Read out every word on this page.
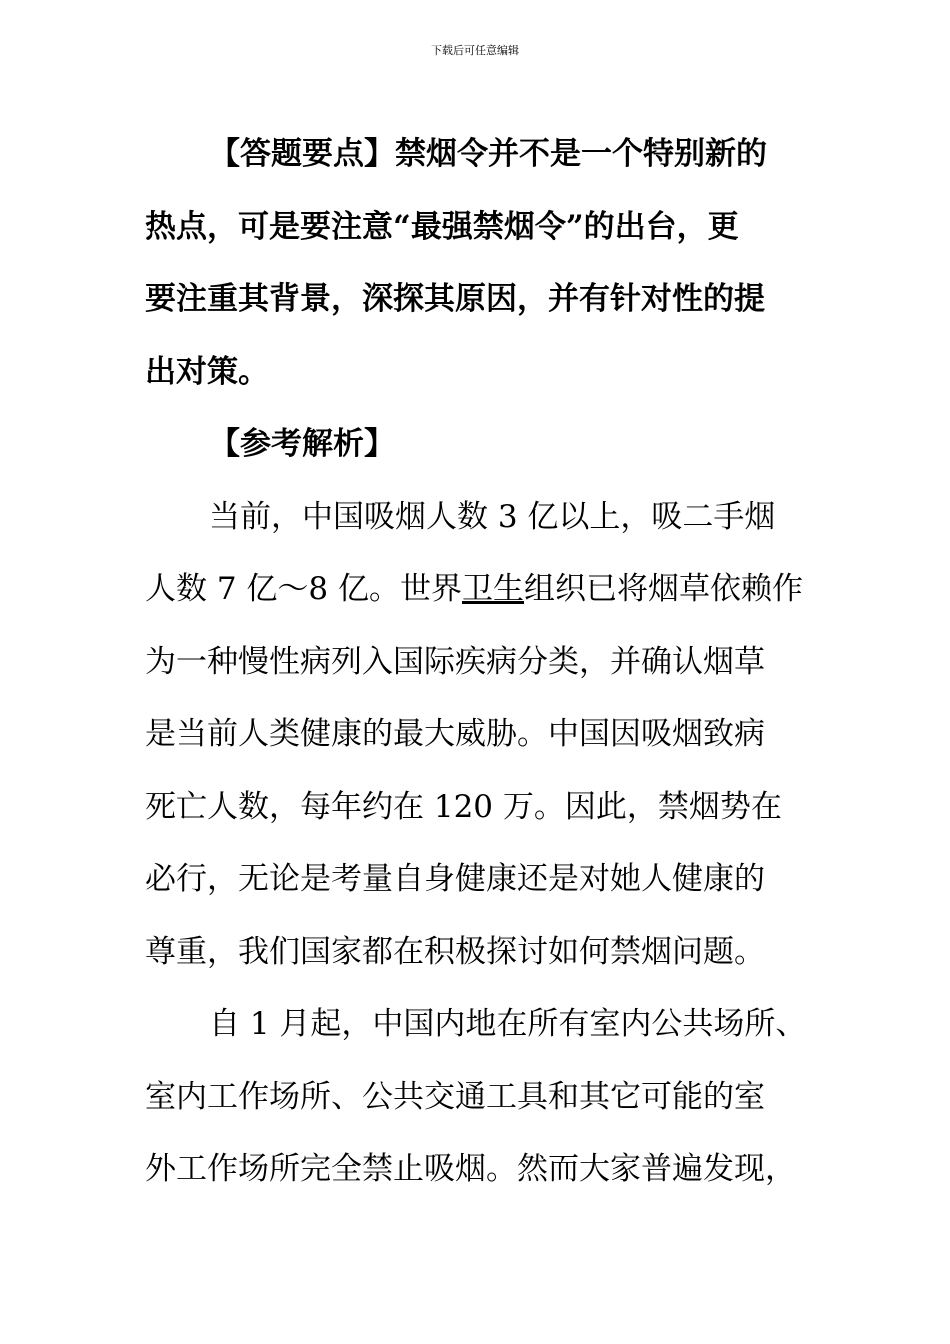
下载后可任意编辑
【答题要点】禁烟令并不是一个特别新的
热点，可是要注意“最强禁烟令”的出台，更
要注重其背景，深探其原因，并有针对性的提
出对策。
【参考解析】
当前，中国吸烟人数 3 亿以上，吸二手烟
人数 7 亿～8 亿。世界卫生组织已将烟草依赖作
为一种慢性病列入国际疾病分类，并确认烟草
是当前人类健康的最大威胁。中国因吸烟致病
死亡人数，每年约在 120 万。因此，禁烟势在
必行，无论是考量自身健康还是对她人健康的
尊重，我们国家都在积极探讨如何禁烟问题。
自 1 月起，中国内地在所有室内公共场所、
室内工作场所、公共交通工具和其它可能的室
外工作场所完全禁止吸烟。然而大家普遍发现，
